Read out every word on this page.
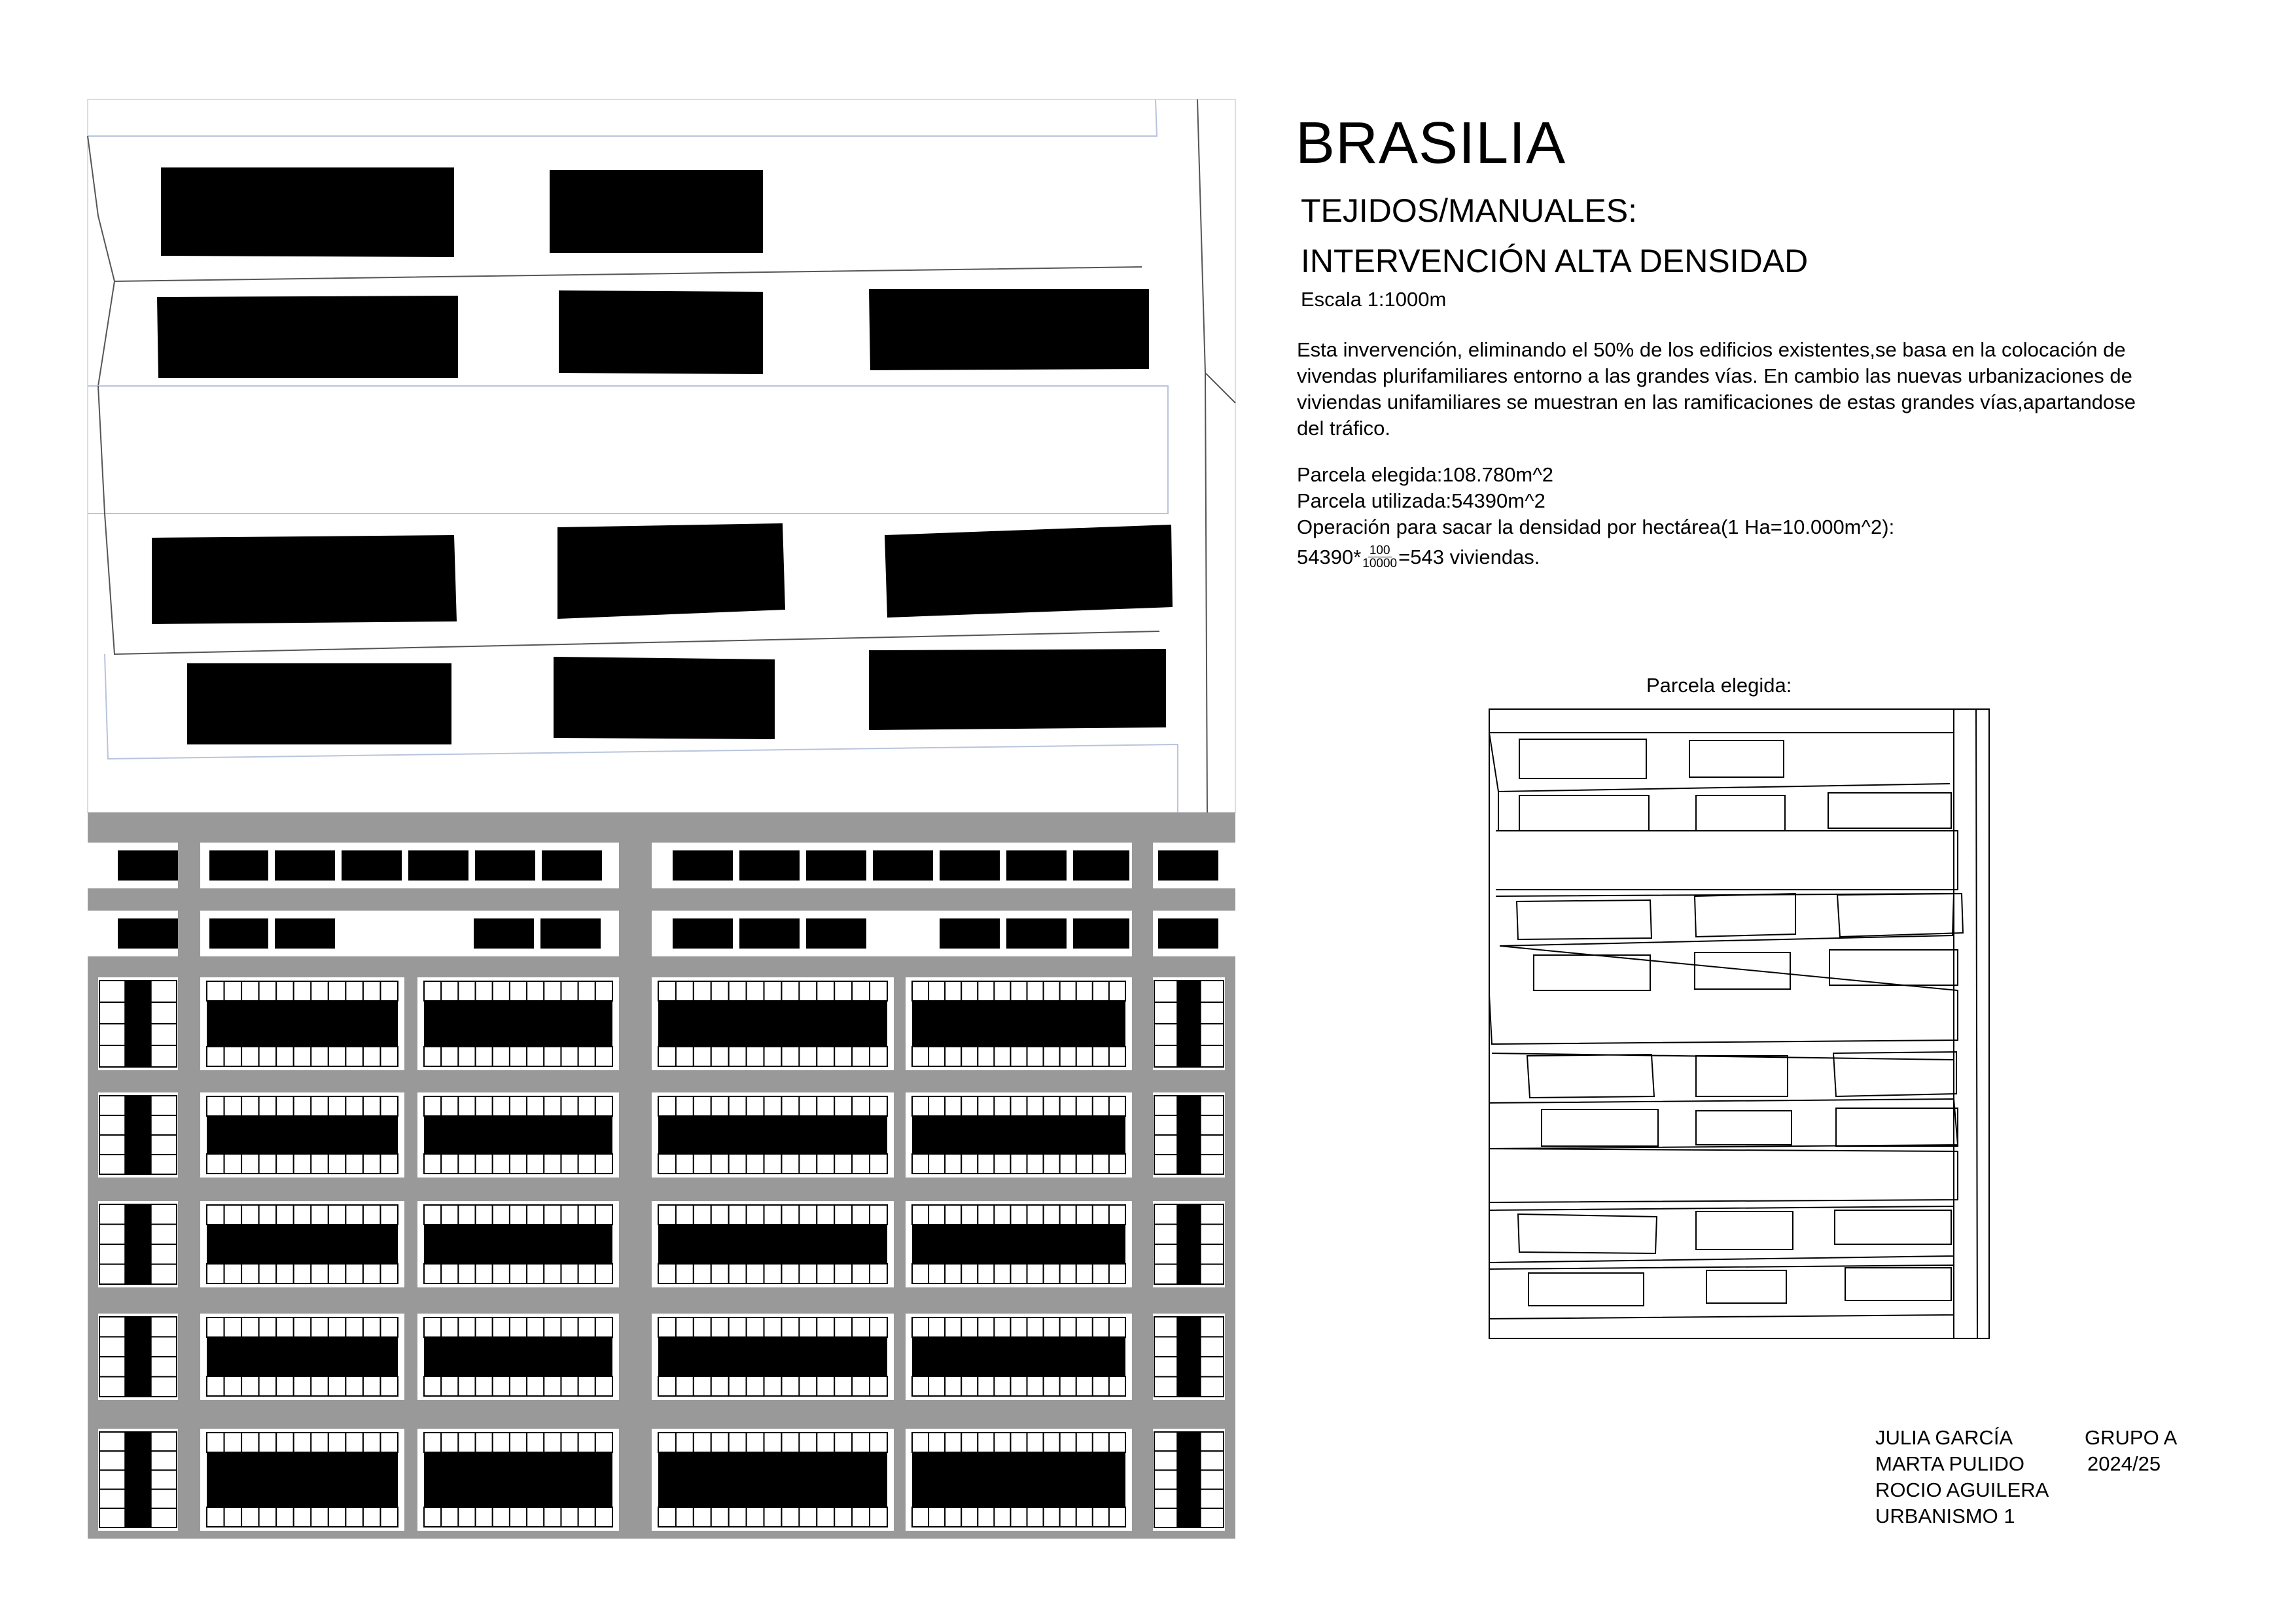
BRASILIA
TEJIDOS/MANUALES:
INTERVENCIÓN ALTA DENSIDAD
Escala 1:1000m
Esta invervención, eliminando el 50% de los edificios existentes,se basa en la colocación de vivendas plurifamiliares entorno a las grandes vías. En cambio las nuevas urbanizaciones de viviendas unifamiliares se muestran en las ramificaciones de estas grandes vías,apartandose del tráfico.
Parcela elegida:108.780m^2
Parcela utilizada:54390m^2
Operación para sacar la densidad por hectárea(1 Ha=10.000m^2):
$54390* \frac{100}{10000} =543$ viviendas.
Parcela elegida:
JULIA GARCÍA
MARTA PULIDO
ROCIO AGUILERA
URBANISMO 1
GRUPO A
2024/25
